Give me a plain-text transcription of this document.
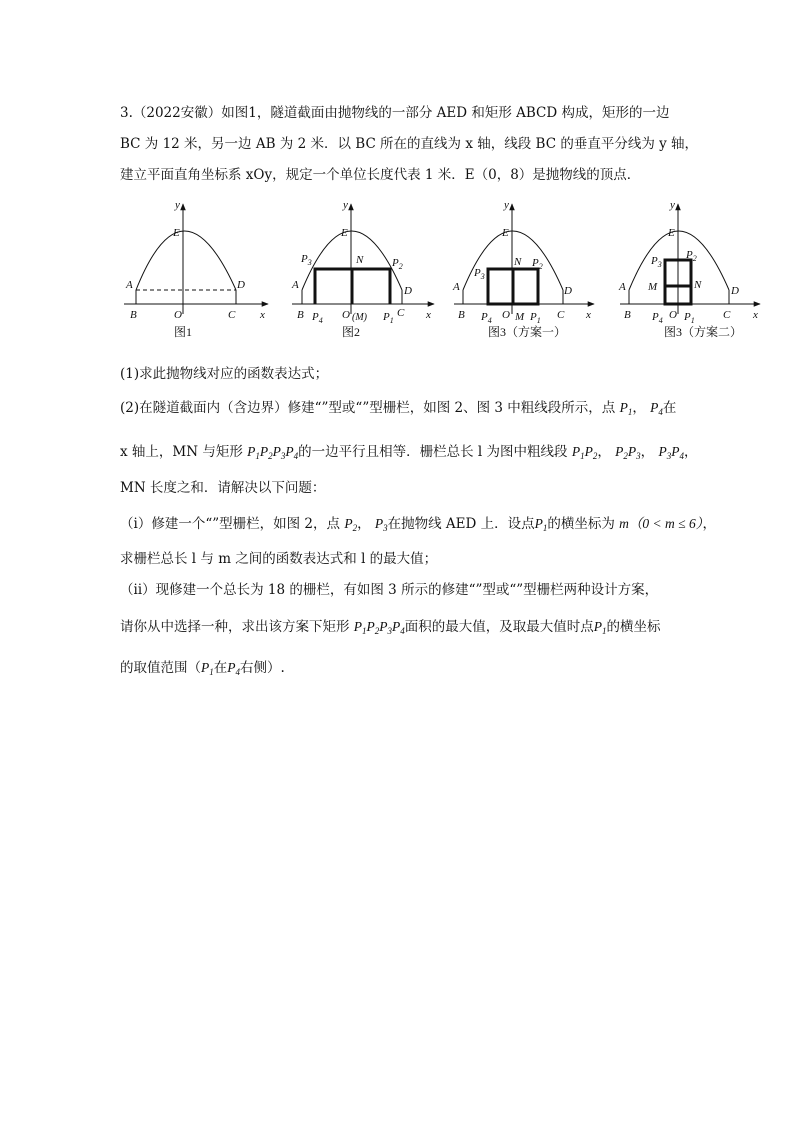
3.（2022安徽）如图1，隧道截面由抛物线的一部分 AED 和矩形 ABCD 构成，矩形的一边
BC 为 12 米，另一边 AB 为 2 米．以 BC 所在的直线为 x 轴，线段 BC 的垂直平分线为 y 轴，
建立平面直角坐标系 xOy，规定一个单位长度代表 1 米．E（0，8）是抛物线的顶点．
y
E
A
B	O	C
D
x
图1
y
E
N
$P_3$	$P_2$
A	D
B $P_4$ O (M) $P_1$
C x
图2
y
E
N
$P_3$
$P_2$
A	D
B $P_4$ O M $P_1$ C x
图3（方案一）
y
E
$P_3$
$P_2$
M	N
A	D
B $P_4$ O $P_1$	C x
图3（方案二）
(1)求此抛物线对应的函数表达式；
(2)在隧道截面内（含边界）修建“”型或“”型栅栏，如图 2、图 3 中粗线段所示，点 $P_1$， $P_4$在
x 轴上，MN 与矩形 $P_1P_2P_3P_4$的一边平行且相等．栅栏总长 l 为图中粗线段 $P_1P_2$， $P_2P_3$， $P_3P_4$，
MN 长度之和．请解决以下问题：
（ⅰ）修建一个“”型栅栏，如图 2，点 $P_2$， $P_3$在抛物线 AED 上．设点$P_1$的横坐标为 m（0 < m ≤ 6），
求栅栏总长 l 与 m 之间的函数表达式和 l 的最大值；
（ⅱ）现修建一个总长为 18 的栅栏，有如图 3 所示的修建“”型或“”型栅栏两种设计方案，
请你从中选择一种，求出该方案下矩形 $P_1P_2P_3P_4$面积的最大值，及取最大值时点$P_1$的横坐标
的取值范围（$P_1$在$P_4$右侧）.
